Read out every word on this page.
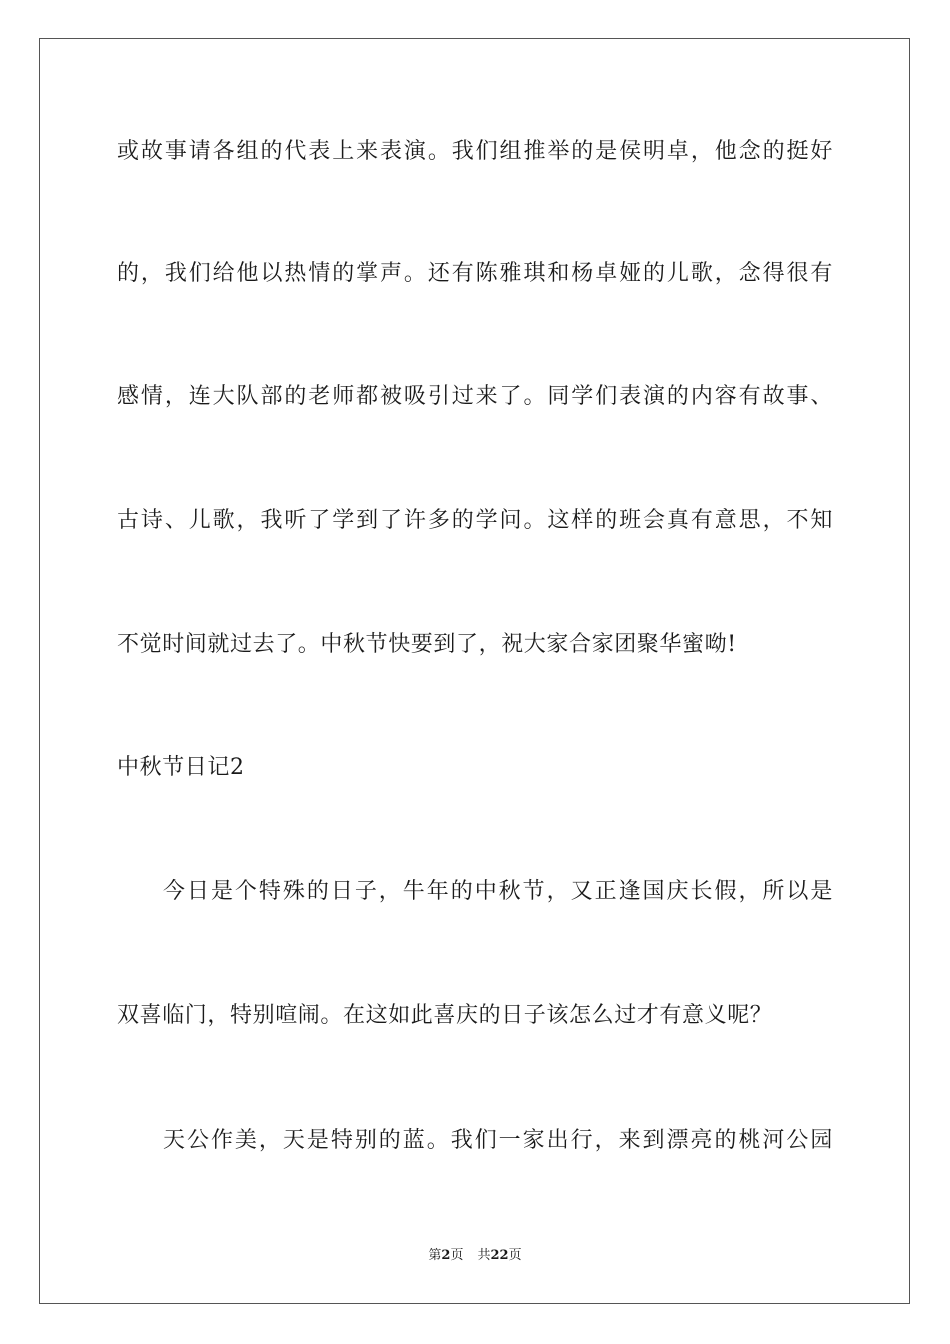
或故事请各组的代表上来表演。我们组推举的是侯明卓，他念的挺好
的，我们给他以热情的掌声。还有陈雅琪和杨卓娅的儿歌，念得很有
感情，连大队部的老师都被吸引过来了。同学们表演的内容有故事、
古诗、儿歌，我听了学到了许多的学问。这样的班会真有意思，不知
不觉时间就过去了。中秋节快要到了，祝大家合家团聚华蜜呦!
中秋节日记2
今日是个特殊的日子，牛年的中秋节，又正逢国庆长假，所以是
双喜临门，特别喧闹。在这如此喜庆的日子该怎么过才有意义呢？
天公作美，天是特别的蓝。我们一家出行，来到漂亮的桃河公园
第2页 共22页
